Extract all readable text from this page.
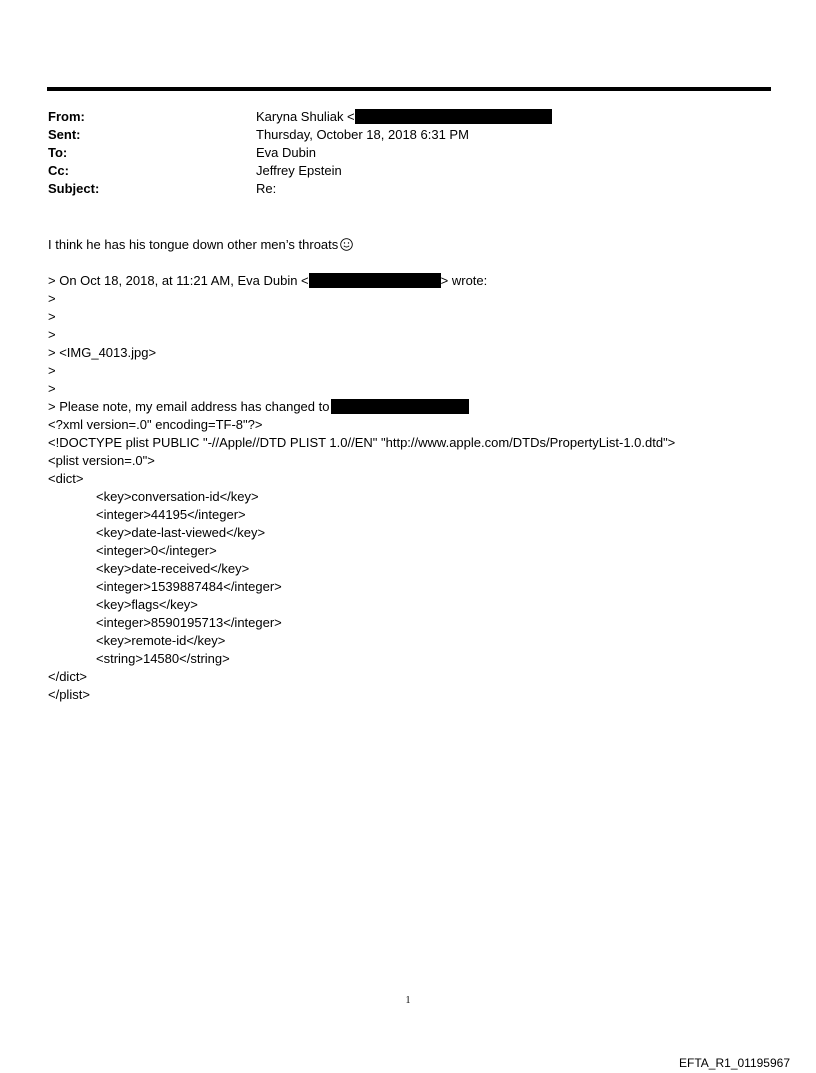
From:	Karyna Shuliak <
Sent:	Thursday, October 18, 2018 6:31 PM
To:	Eva Dubin
Cc:	Jeffrey Epstein
Subject:	Re:
I think he has his tongue down other men’s throats
> On Oct 18, 2018, at 11:21 AM, Eva Dubin <	> wrote:
>
>
>
> <IMG_4013.jpg>
>
>
> Please note, my email address has changed to
<?xml version=.0" encoding=TF-8"?>
<!DOCTYPE plist PUBLIC "-//Apple//DTD PLIST 1.0//EN" "http://www.apple.com/DTDs/PropertyList-1.0.dtd">
<plist version=.0">
<dict>
<key>conversation-id</key>
<integer>44195</integer>
<key>date-last-viewed</key>
<integer>0</integer>
<key>date-received</key>
<integer>1539887484</integer>
<key>flags</key>
<integer>8590195713</integer>
<key>remote-id</key>
<string>14580</string>
</dict>
</plist>
1
EFTA_R1_01195967
